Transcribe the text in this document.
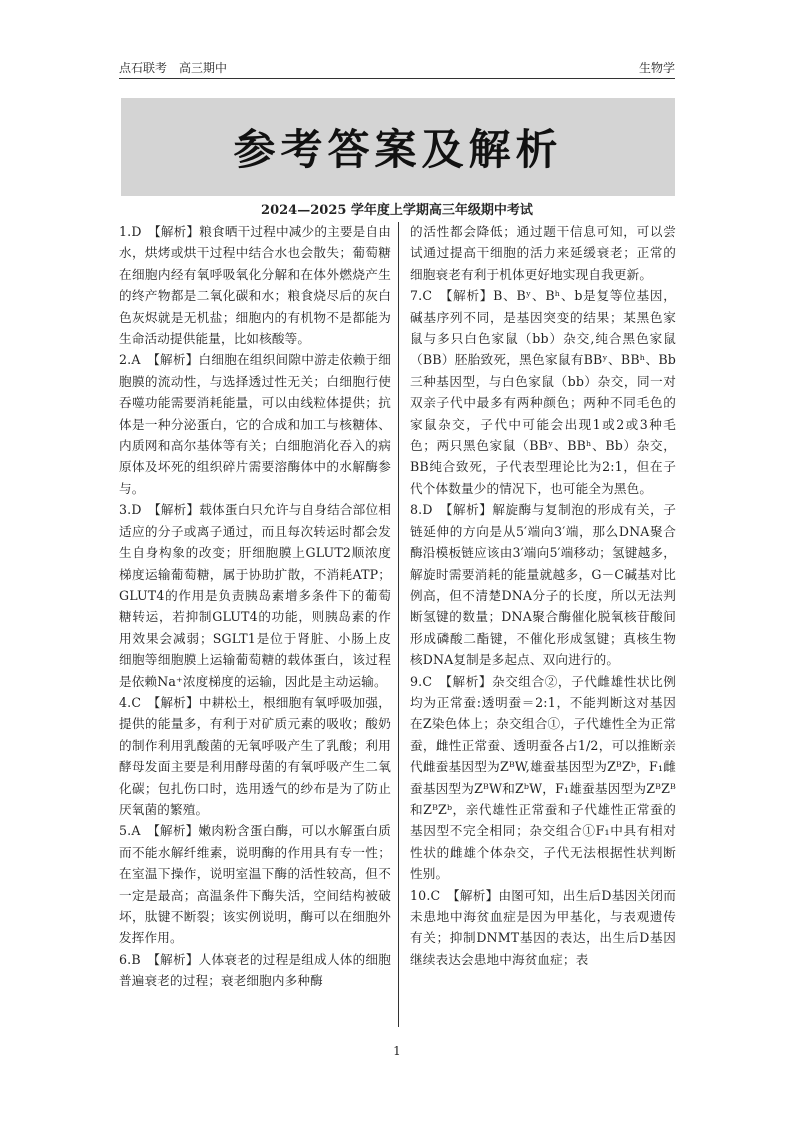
点石联考　高三期中	生物学
参考答案及解析
2024—2025 学年度上学期高三年级期中考试

1.D　【解析】粮食晒干过程中减少的主要是自由水，烘烤或烘干过程中结合水也会散失；葡萄糖在细胞内经有氧呼吸氧化分解和在体外燃烧产生的终产物都是二氧化碳和水；粮食烧尽后的灰白色灰烬就是无机盐；细胞内的有机物不是都能为生命活动提供能量，比如核酸等。

2.A　【解析】白细胞在组织间隙中游走依赖于细胞膜的流动性，与选择透过性无关；白细胞行使吞噬功能需要消耗能量，可以由线粒体提供；抗体是一种分泌蛋白，它的合成和加工与核糖体、内质网和高尔基体等有关；白细胞消化吞入的病原体及坏死的组织碎片需要溶酶体中的水解酶参与。

3.D　【解析】载体蛋白只允许与自身结合部位相适应的分子或离子通过，而且每次转运时都会发生自身构象的改变；肝细胞膜上GLUT2顺浓度梯度运输葡萄糖，属于协助扩散，不消耗ATP；GLUT4的作用是负责胰岛素增多条件下的葡萄糖转运，若抑制GLUT4的功能，则胰岛素的作用效果会减弱；SGLT1是位于肾脏、小肠上皮细胞等细胞膜上运输葡萄糖的载体蛋白，该过程是依赖Na⁺浓度梯度的运输，因此是主动运输。

4.C　【解析】中耕松土，根细胞有氧呼吸加强，提供的能量多，有利于对矿质元素的吸收；酸奶的制作利用乳酸菌的无氧呼吸产生了乳酸；利用酵母发面主要是利用酵母菌的有氧呼吸产生二氧化碳；包扎伤口时，选用透气的纱布是为了防止厌氧菌的繁殖。

5.A　【解析】嫩肉粉含蛋白酶，可以水解蛋白质而不能水解纤维素，说明酶的作用具有专一性；在室温下操作，说明室温下酶的活性较高，但不一定是最高；高温条件下酶失活，空间结构被破坏，肽键不断裂；该实例说明，酶可以在细胞外发挥作用。

6.B　【解析】人体衰老的过程是组成人体的细胞普遍衰老的过程；衰老细胞内多种酶

的活性都会降低；通过题干信息可知，可以尝试通过提高干细胞的活力来延缓衰老；正常的细胞衰老有利于机体更好地实现自我更新。

7.C　【解析】B、Bʸ、Bʰ、b是复等位基因，碱基序列不同，是基因突变的结果；某黑色家鼠与多只白色家鼠（bb）杂交,纯合黑色家鼠（BB）胚胎致死，黑色家鼠有BBʸ、BBʰ、Bb三种基因型，与白色家鼠（bb）杂交，同一对双亲子代中最多有两种颜色；两种不同毛色的家鼠杂交，子代中可能会出现1或2或3种毛色；两只黑色家鼠（BBʸ、BBʰ、Bb）杂交，BB纯合致死，子代表型理论比为2:1，但在子代个体数量少的情况下，也可能全为黑色。

8.D　【解析】解旋酶与复制泡的形成有关，子链延伸的方向是从5′端向3′端，那么DNA聚合酶沿模板链应该由3′端向5′端移动；氢键越多，解旋时需要消耗的能量就越多，G－C碱基对比例高，但不清楚DNA分子的长度，所以无法判断氢键的数量；DNA聚合酶催化脱氧核苷酸间形成磷酸二酯键，不催化形成氢键；真核生物核DNA复制是多起点、双向进行的。

9.C　【解析】杂交组合②，子代雌雄性状比例均为正常蚕:透明蚕＝2:1，不能判断这对基因在Z染色体上；杂交组合①，子代雄性全为正常蚕，雌性正常蚕、透明蚕各占1/2，可以推断亲代雌蚕基因型为ZᴮW,雄蚕基因型为ZᴮZᵇ，F₁雌蚕基因型为ZᴮW和ZᵇW，F₁雄蚕基因型为ZᴮZᴮ和ZᴮZᵇ，亲代雄性正常蚕和子代雄性正常蚕的基因型不完全相同；杂交组合①F₁中具有相对性状的雌雄个体杂交，子代无法根据性状判断性别。

10.C　【解析】由图可知，出生后D基因关闭而未患地中海贫血症是因为甲基化，与表观遗传有关；抑制DNMT基因的表达，出生后D基因继续表达会患地中海贫血症；表

1
